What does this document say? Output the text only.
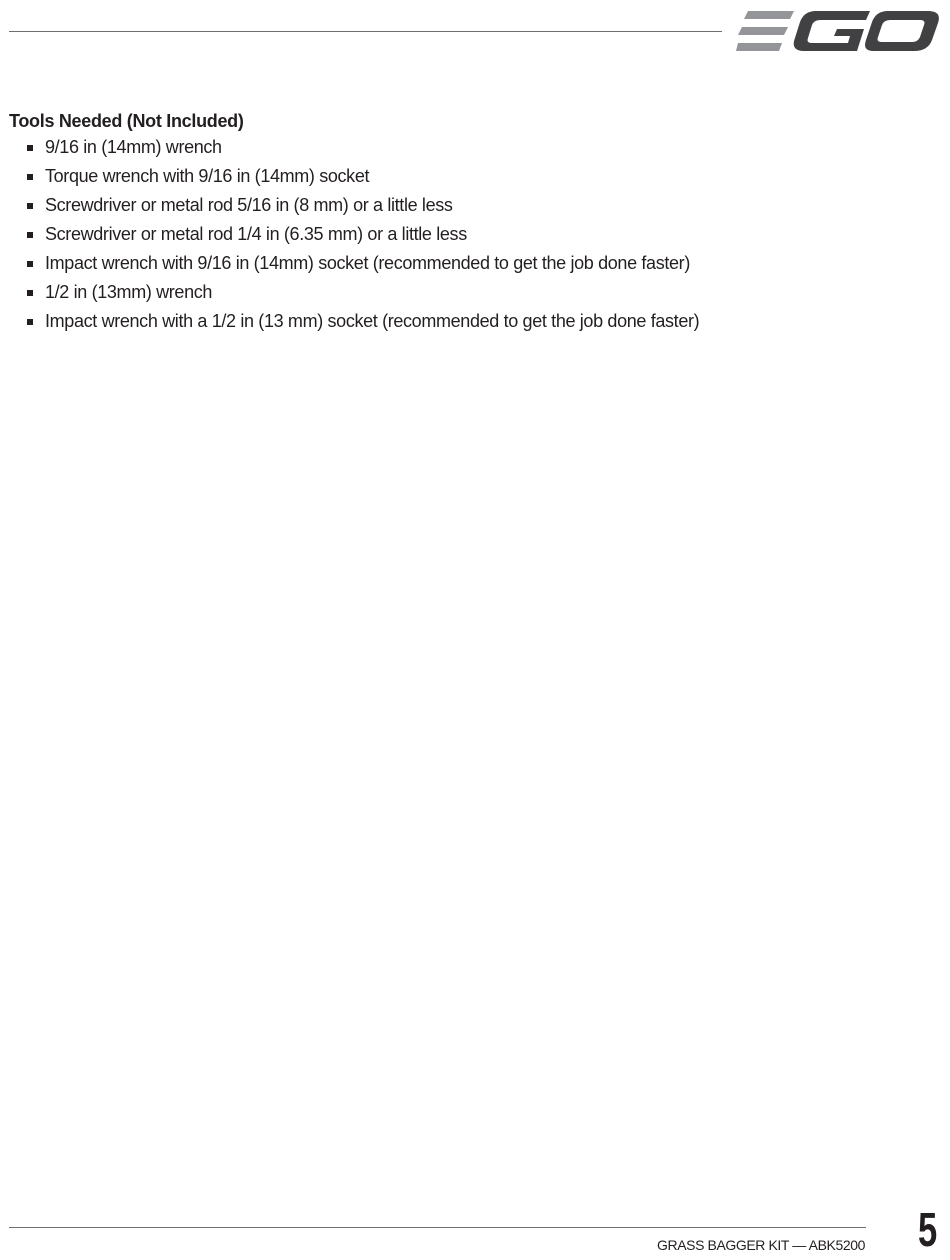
Tools Needed (Not Included)
9/16 in (14mm) wrench
Torque wrench with 9/16 in (14mm) socket
Screwdriver or metal rod 5/16 in (8 mm) or a little less
Screwdriver or metal rod 1/4 in (6.35 mm) or a little less
Impact wrench with 9/16 in (14mm) socket (recommended to get the job done faster)
1/2 in (13mm) wrench
Impact wrench with a 1/2 in (13 mm) socket (recommended to get the job done faster)
GRASS BAGGER KIT — ABK5200 5
